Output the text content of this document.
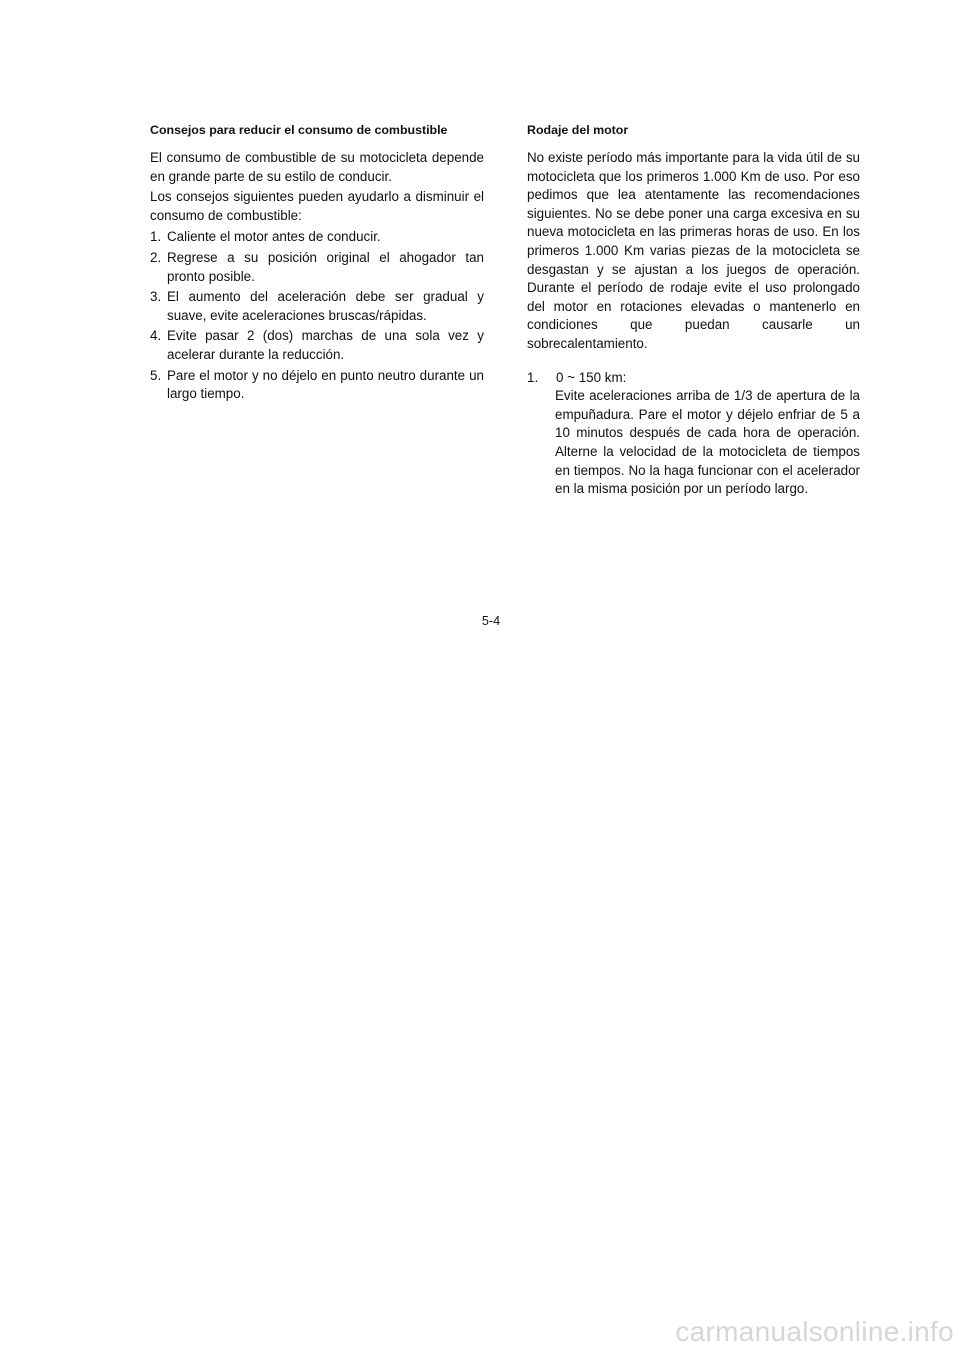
Consejos para reducir el consumo de combustible

El consumo de combustible de su motocicleta depende en grande parte de su estilo de conducir.

Los consejos siguientes pueden ayudarlo a disminuir el consumo de combustible:

1. Caliente el motor antes de conducir.
2. Regrese a su posición original el ahogador tan pronto posible.
3. El aumento del aceleración debe ser gradual y suave, evite aceleraciones bruscas/rápidas.
4. Evite pasar 2 (dos) marchas de una sola vez y acelerar durante la reducción.
5. Pare el motor y no déjelo en punto neutro durante un largo tiempo.
Rodaje del motor

No existe período más importante para la vida útil de su motocicleta que los primeros 1.000 Km de uso. Por eso pedimos que lea atentamente las recomendaciones siguientes. No se debe poner una carga excesiva en su nueva motocicleta en las primeras horas de uso. En los primeros 1.000 Km varias piezas de la motocicleta se desgastan y se ajustan a los juegos de operación. Durante el período de rodaje evite el uso prolongado del motor en rotaciones elevadas o mantenerlo en condiciones que puedan causarle un sobrecalentamiento.

1.	0 ~ 150 km:
Evite aceleraciones arriba de 1/3 de apertura de la empuñadura. Pare el motor y déjelo enfriar de 5 a 10 minutos después de cada hora de operación. Alterne la velocidad de la motocicleta de tiempos en tiempos. No la haga funcionar con el acelerador en la misma posición por un período largo.
5-4
carmanualsonline.info
